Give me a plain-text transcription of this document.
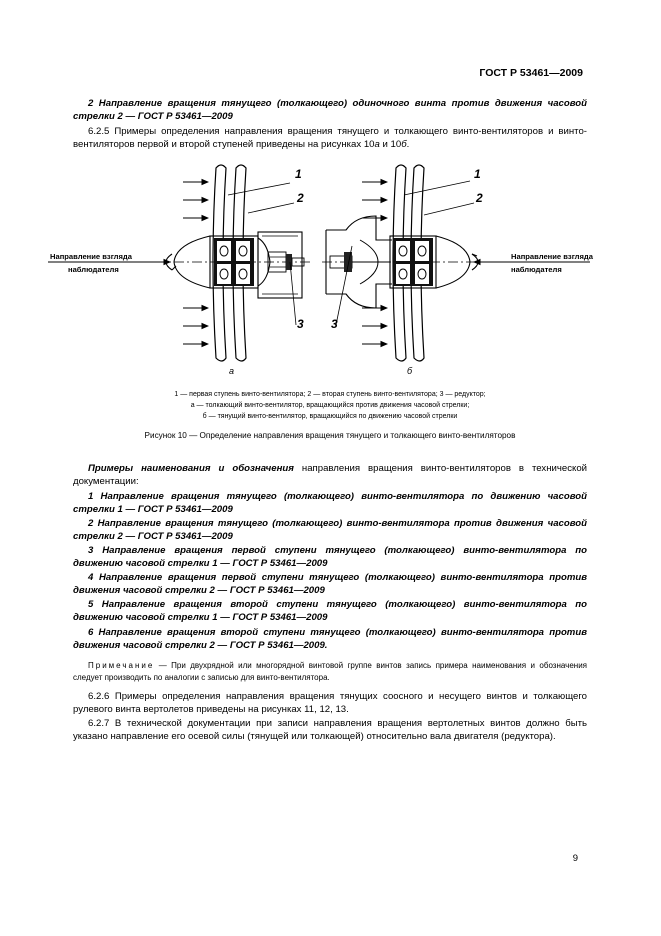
ГОСТ Р 53461—2009
2 Направление вращения тянущего (толкающего) одиночного винта против движения часовой стрелки 2 — ГОСТ Р 53461—2009
6.2.5 Примеры определения направления вращения тянущего и толкающего винто-вентиляторов и винто-вентиляторов первой и второй ступеней приведены на рисунках 10а и 10б.
Направление взгляда
наблюдателя
Направление взгляда
наблюдателя
1
2
3
1
2
3
а	б
1 — первая ступень винто-вентилятора; 2 — вторая ступень винто-вентилятора; 3 — редуктор;
а — толкающий винто-вентилятор, вращающийся против движения часовой стрелки;
б — тянущий винто-вентилятор, вращающийся по движению часовой стрелки
Рисунок 10 — Определение направления вращения тянущего и толкающего винто-вентиляторов
Примеры наименования и обозначения направления вращения винто-вентиляторов в технической документации:
1 Направление вращения тянущего (толкающего) винто-вентилятора по движению часовой стрелки 1 — ГОСТ Р 53461—2009
2 Направление вращения тянущего (толкающего) винто-вентилятора против движения часовой стрелки 2 — ГОСТ Р 53461—2009
3 Направление вращения первой ступени тянущего (толкающего) винто-вентилятора по движению часовой стрелки 1 — ГОСТ Р 53461—2009
4 Направление вращения первой ступени тянущего (толкающего) винто-вентилятора против движения часовой стрелки 2 — ГОСТ Р 53461—2009
5 Направление вращения второй ступени тянущего (толкающего) винто-вентилятора по движению часовой стрелки 1 — ГОСТ Р 53461—2009
6 Направление вращения второй ступени тянущего (толкающего) винто-вентилятора против движения часовой стрелки 2 — ГОСТ Р 53461—2009.
Примечание — При двухрядной или многорядной винтовой группе винтов запись примера наименования и обозначения следует производить по аналогии с записью для винто-вентилятора.
6.2.6 Примеры определения направления вращения тянущих соосного и несущего винтов и толкающего рулевого винта вертолетов приведены на рисунках 11, 12, 13.
6.2.7 В технической документации при записи направления вращения вертолетных винтов должно быть указано направление его осевой силы (тянущей или толкающей) относительно вала двигателя (редуктора).
9
